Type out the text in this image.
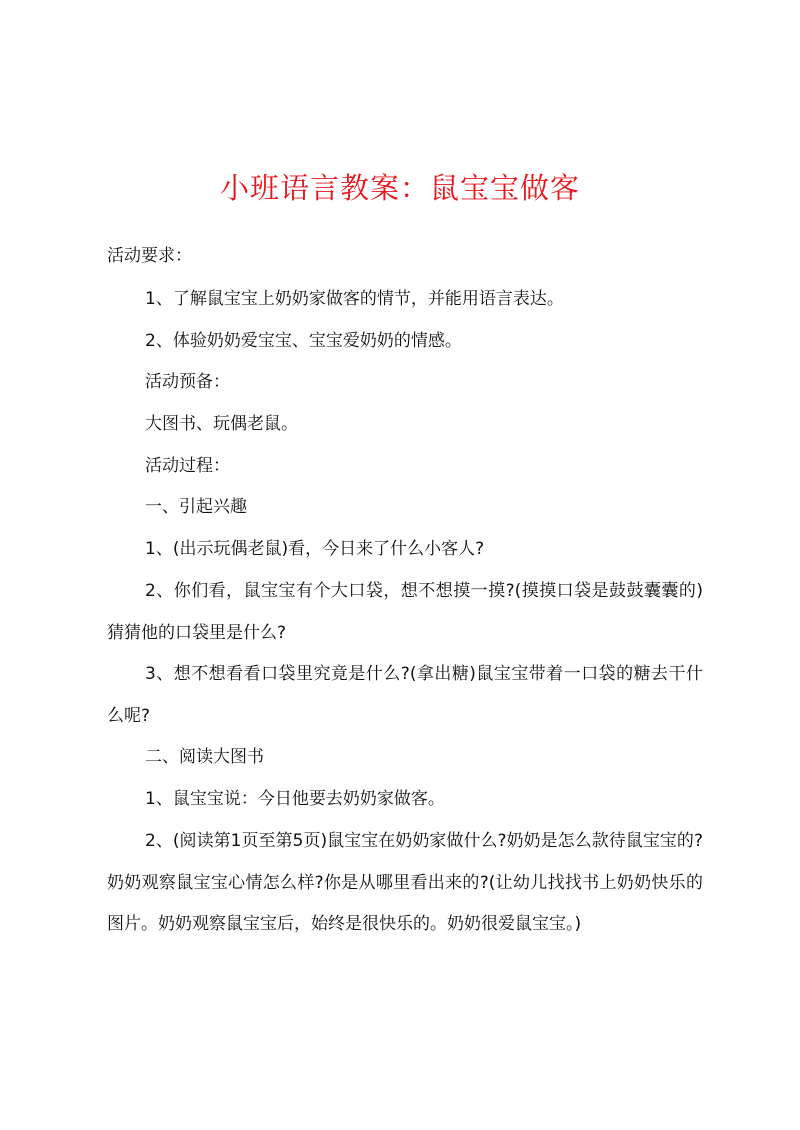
小班语言教案：鼠宝宝做客
活动要求：
1、了解鼠宝宝上奶奶家做客的情节，并能用语言表达。
2、体验奶奶爱宝宝、宝宝爱奶奶的情感。
活动预备：
大图书、玩偶老鼠。
活动过程：
一、引起兴趣
1、(出示玩偶老鼠)看，今日来了什么小客人?
2、你们看，鼠宝宝有个大口袋，想不想摸一摸?(摸摸口袋是鼓鼓囊囊的)猜猜他的口袋里是什么?
3、想不想看看口袋里究竟是什么?(拿出糖)鼠宝宝带着一口袋的糖去干什么呢?
二、阅读大图书
1、鼠宝宝说：今日他要去奶奶家做客。
2、(阅读第1页至第5页)鼠宝宝在奶奶家做什么?奶奶是怎么款待鼠宝宝的?奶奶观察鼠宝宝心情怎么样?你是从哪里看出来的?(让幼儿找找书上奶奶快乐的图片。奶奶观察鼠宝宝后，始终是很快乐的。奶奶很爱鼠宝宝。)
